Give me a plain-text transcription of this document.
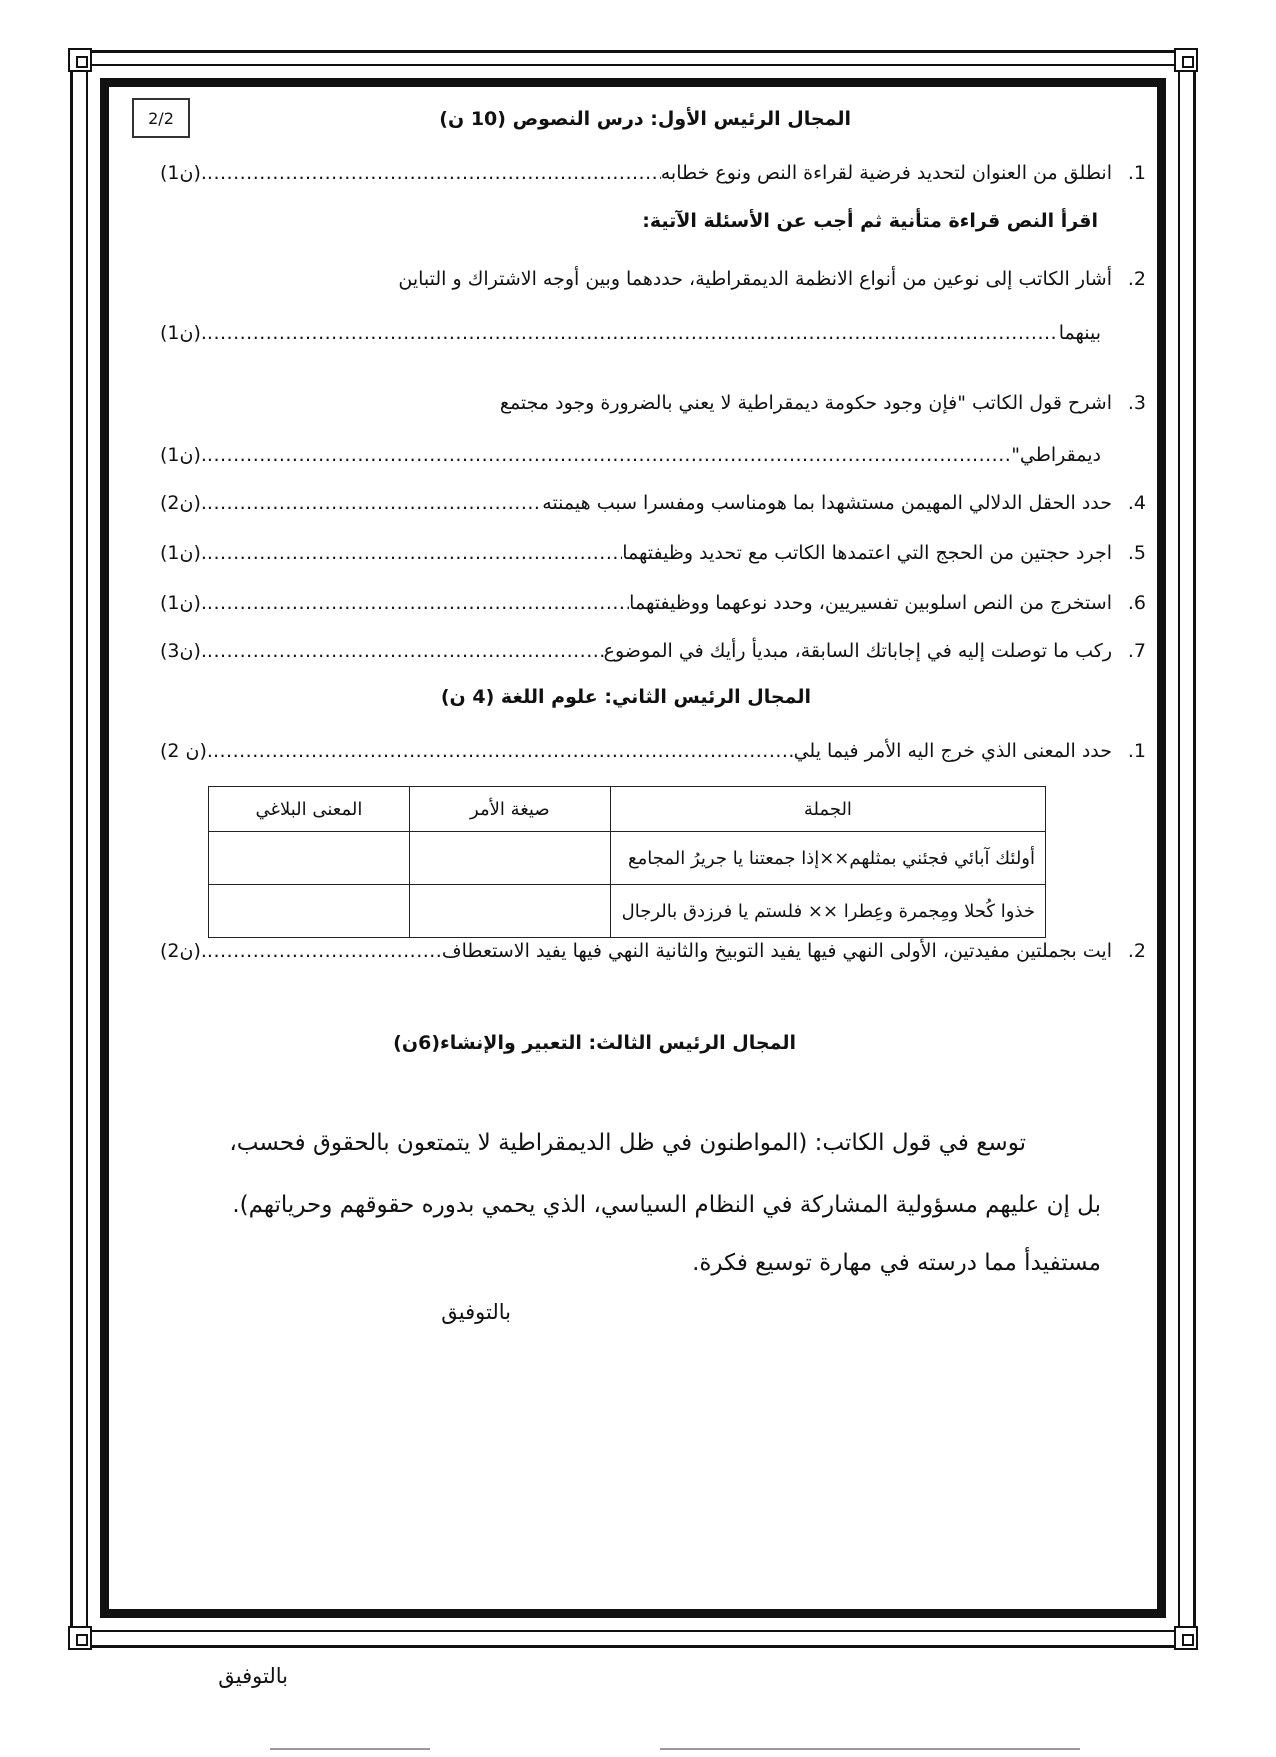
2/2	المجال الرئيس الأول: درس النصوص (10 ن)
.1
انطلق من العنوان لتحديد فرضية لقراءة النص ونوع خطابه
.....
(1ن).
اقرأ النص قراءة متأنية ثم أجب عن الأسئلة الآتية:
.2
أشار الكاتب إلى نوعين من أنواع الانظمة الديمقراطية، حددهما وبين أوجه الاشتراك و التباين
بينهما
.....
(1ن).
.3
اشرح قول الكاتب "فإن وجود حكومة ديمقراطية لا يعني بالضرورة وجود مجتمع
ديمقراطي"
.....
(1ن).
.4
حدد الحقل الدلالي المهيمن مستشهدا بما هومناسب ومفسرا سبب هيمنته
.....
(2ن).
.5
اجرد حجتين من الحجج التي اعتمدها الكاتب مع تحديد وظيفتهما
.....
(1ن).
.6
استخرج من النص اسلوبين تفسيريين، وحدد نوعهما ووظيفتهما
.....
(1ن).
.7
ركب ما توصلت إليه في إجاباتك السابقة، مبديأ رأيك في الموضوع
.....
(3ن).
المجال الرئيس الثاني: علوم اللغة (4 ن)
.1
حدد المعنى الذي خرج اليه الأمر فيما يلي
.....
(2 ن).
الجملة	صيغة الأمر	المعنى البلاغي
أولئك آبائي فجئني بمثلهم××إذا جمعتنا يا جريرُ المجامع		
خذوا كُحلا ومِجمرة وعِطرا ×× فلستم يا فرزدق بالرجال		
.2
ايت بجملتين مفيدتين، الأولى النهي فيها يفيد التوبيخ والثانية النهي فيها يفيد الاستعطاف
.....
(2ن).
المجال الرئيس الثالث: التعبير والإنشاء(6ن)
توسع في قول الكاتب: (المواطنون في ظل الديمقراطية لا يتمتعون بالحقوق فحسب،
بل إن عليهم مسؤولية المشاركة في النظام السياسي، الذي يحمي بدوره حقوقهم وحرياتهم).
مستفيدأ مما درسته في مهارة توسيع فكرة.
بالتوفيق
بالتوفيق
